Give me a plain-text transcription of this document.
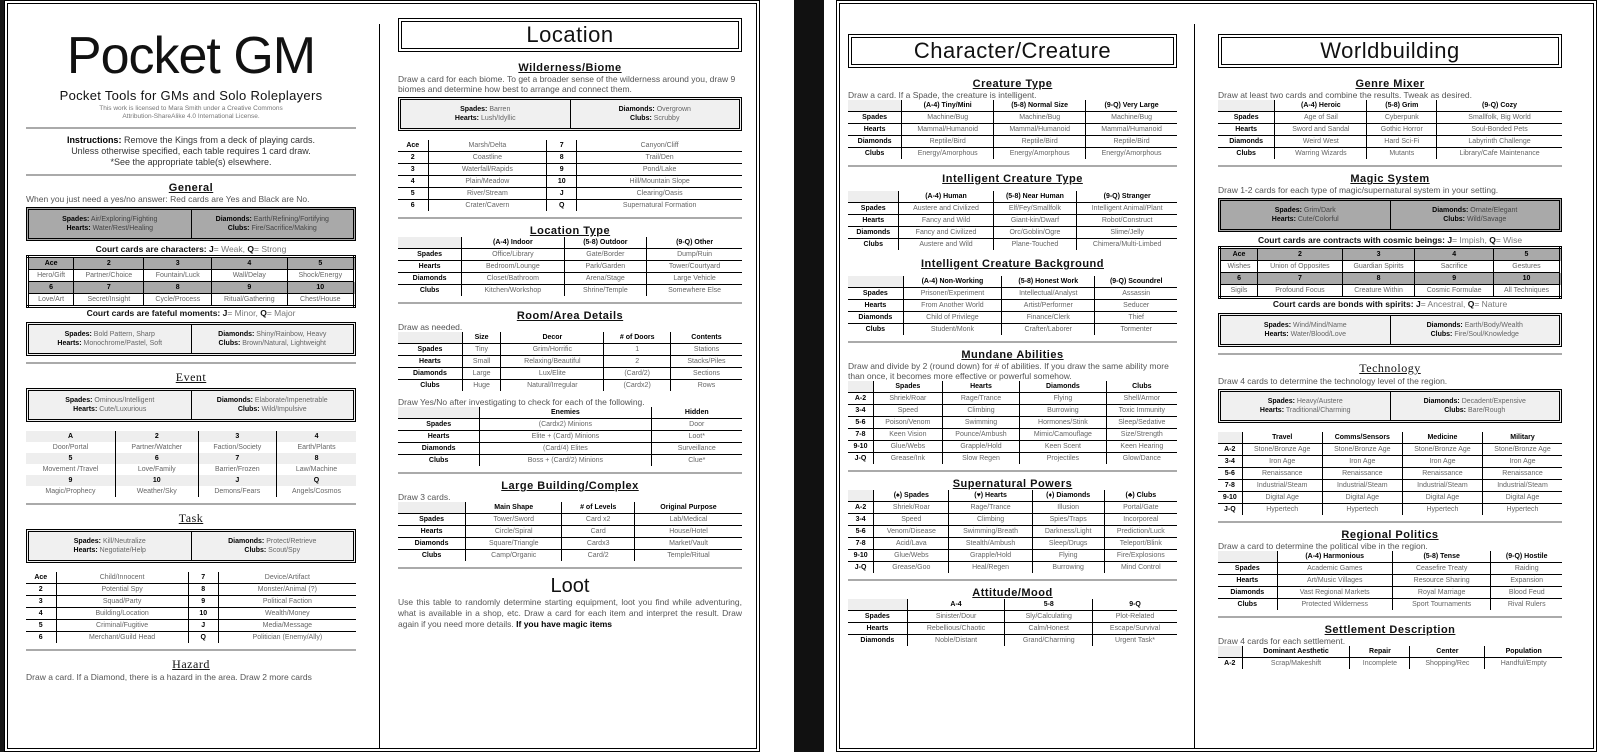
Pocket GM
Pocket Tools for GMs and Solo Roleplayers
This work is licensed to Mara Smith under a Creative Commons
Attribution-ShareAlike 4.0 International License.
Instructions: Remove the Kings from a deck of playing cards.
Unless otherwise specified, each table requires 1 card draw.
*See the appropriate table(s) elsewhere.
General
When you just need a yes/no answer: Red cards are Yes and Black are No.
Spades: Air/Exploring/Fighting
Hearts: Water/Rest/Healing
Diamonds: Earth/Refining/Fortifying
Clubs: Fire/Sacrifice/Making
Court cards are characters: J= Weak, Q= Strong
Ace	2	3	4	5
Hero/Gift	Partner/Choice	Fountain/Luck	Wall/Delay	Shock/Energy
6	7	8	9	10
Love/Art	Secret/Insight	Cycle/Process	Ritual/Gathering	Chest/House
Court cards are fateful moments: J= Minor, Q= Major
Spades: Bold Pattern, Sharp
Hearts: Monochrome/Pastel, Soft
Diamonds: Shiny/Rainbow, Heavy
Clubs: Brown/Natural, Lightweight
Event
Spades: Ominous/Intelligent
Hearts: Cute/Luxurious
Diamonds: Elaborate/Impenetrable
Clubs: Wild/Impulsive
A	2	3	4
Door/Portal	Partner/Watcher	Faction/Society	Earth/Plants
5	6	7	8
Movement /Travel	Love/Family	Barrier/Frozen	Law/Machine
9	10	J	Q
Magic/Prophecy	Weather/Sky	Demons/Fears	Angels/Cosmos
Task
Spades: Kill/Neutralize
Hearts: Negotiate/Help
Diamonds: Protect/Retrieve
Clubs: Scout/Spy
Ace	Child/Innocent	7	Device/Artifact
2	Potential Spy	8	Monster/Animal (?)
3	Squad/Party	9	Political Faction
4	Building/Location	10	Wealth/Money
5	Criminal/Fugitive	J	Media/Message
6	Merchant/Guild Head	Q	Politician (Enemy/Ally)
Hazard
Draw a card. If a Diamond, there is a hazard in the area. Draw 2 more cards
Location
Wilderness/Biome
Draw a card for each biome. To get a broader sense of the wilderness around you, draw 9 biomes and determine how best to arrange and connect them.
Spades: Barren
Hearts: Lush/Idyllic
Diamonds: Overgrown
Clubs: Scrubby
Ace	Marsh/Delta	7	Canyon/Cliff
2	Coastline	8	Trail/Den
3	Waterfall/Rapids	9	Pond/Lake
4	Plain/Meadow	10	Hill/Mountain Slope
5	River/Stream	J	Clearing/Oasis
6	Crater/Cavern	Q	Supernatural Formation
Location Type
	(A-4) Indoor	(5-8) Outdoor	(9-Q) Other
Spades	Office/Library	Gate/Border	Dump/Ruin
Hearts	Bedroom/Lounge	Park/Garden	Tower/Courtyard
Diamonds	Closet/Bathroom	Arena/Stage	Large Vehicle
Clubs	Kitchen/Workshop	Shrine/Temple	Somewhere Else
Room/Area Details
Draw as needed.
	Size	Decor	# of Doors	Contents
Spades	Tiny	Grim/Horrific	1	Stations
Hearts	Small	Relaxing/Beautiful	2	Stacks/Piles
Diamonds	Large	Lux/Elite	(Card/2)	Sections
Clubs	Huge	Natural/Irregular	(Cardx2)	Rows
Draw Yes/No after investigating to check for each of the following.
	Enemies	Hidden
Spades	(Cardx2) Minions	Door
Hearts	Elite + (Card) Minions	Loot*
Diamonds	(Card/4) Elites	Surveillance
Clubs	Boss + (Card/2) Minions	Clue*
Large Building/Complex
Draw 3 cards.
	Main Shape	# of Levels	Original Purpose
Spades	Tower/Sword	Card x2	Lab/Medical
Hearts	Circle/Spiral	Card	House/Hotel
Diamonds	Square/Triangle	Cardx3	Market/Vault
Clubs	Camp/Organic	Card/2	Temple/Ritual
Loot
Use this table to randomly determine starting equipment, loot you find while adventuring, what is available in a shop, etc. Draw a card for each item and interpret the result. Draw again if you need more details. If you have magic items
Character/Creature
Creature Type
Draw a card. If a Spade, the creature is intelligent.
	(A-4) Tiny/Mini	(5-8) Normal Size	(9-Q) Very Large
Spades	Machine/Bug	Machine/Bug	Machine/Bug
Hearts	Mammal/Humanoid	Mammal/Humanoid	Mammal/Humanoid
Diamonds	Reptile/Bird	Reptile/Bird	Reptile/Bird
Clubs	Energy/Amorphous	Energy/Amorphous	Energy/Amorphous
Intelligent Creature Type
	(A-4) Human	(5-8) Near Human	(9-Q) Stranger
Spades	Austere and Civilized	Elf/Fey/Smallfolk	Intelligent Animal/Plant
Hearts	Fancy and Wild	Giant-kin/Dwarf	Robot/Construct
Diamonds	Fancy and Civilized	Orc/Goblin/Ogre	Slime/Jelly
Clubs	Austere and Wild	Plane-Touched	Chimera/Multi-Limbed
Intelligent Creature Background
	(A-4) Non-Working	(5-8) Honest Work	(9-Q) Scoundrel
Spades	Prisoner/Experiment	Intellectual/Analyst	Assassin
Hearts	From Another World	Artist/Performer	Seducer
Diamonds	Child of Privilege	Finance/Clerk	Thief
Clubs	Student/Monk	Crafter/Laborer	Tormenter
Mundane Abilities
Draw and divide by 2 (round down) for # of abilities. If you draw the same ability more than once, it becomes more effective or powerful somehow.
	Spades	Hearts	Diamonds	Clubs
A-2	Shriek/Roar	Rage/Trance	Flying	Shell/Armor
3-4	Speed	Climbing	Burrowing	Toxic Immunity
5-6	Poison/Venom	Swimming	Hormones/Stink	Sleep/Sedative
7-8	Keen Vision	Pounce/Ambush	Mimic/Camouflage	Size/Strength
9-10	Glue/Webs	Grapple/Hold	Keen Scent	Keen Hearing
J-Q	Grease/Ink	Slow Regen	Projectiles	Glow/Dance
Supernatural Powers
	(♠) Spades	(♥) Hearts	(♦) Diamonds	(♣) Clubs
A-2	Shriek/Roar	Rage/Trance	Illusion	Portal/Gate
3-4	Speed	Climbing	Spies/Traps	Incorporeal
5-6	Venom/Disease	Swimming/Breath	Darkness/Light	Prediction/Luck
7-8	Acid/Lava	Stealth/Ambush	Sleep/Drugs	Teleport/Blink
9-10	Glue/Webs	Grapple/Hold	Flying	Fire/Explosions
J-Q	Grease/Goo	Heal/Regen	Burrowing	Mind Control
Attitude/Mood
	A-4	5-8	9-Q
Spades	Sinister/Dour	Sly/Calculating	Plot-Related
Hearts	Rebellious/Chaotic	Calm/Honest	Escape/Survival
Diamonds	Noble/Distant	Grand/Charming	Urgent Task*
Worldbuilding
Genre Mixer
Draw at least two cards and combine the results. Tweak as desired.
	(A-4) Heroic	(5-8) Grim	(9-Q) Cozy
Spades	Age of Sail	Cyberpunk	Smallfolk, Big World
Hearts	Sword and Sandal	Gothic Horror	Soul-Bonded Pets
Diamonds	Weird West	Hard Sci-Fi	Labyrinth Challenge
Clubs	Warring Wizards	Mutants	Library/Cafe Maintenance
Magic System
Draw 1-2 cards for each type of magic/supernatural system in your setting.
Spades: Grim/Dark
Hearts: Cute/Colorful
Diamonds: Ornate/Elegant
Clubs: Wild/Savage
Court cards are contracts with cosmic beings: J= Impish, Q= Wise
Ace	2	3	4	5
Wishes	Union of Opposites	Guardian Spirits	Sacrifice	Gestures
6	7	8	9	10
Sigils	Profound Focus	Creature Within	Cosmic Formulae	All Techniques
Court cards are bonds with spirits: J= Ancestral, Q= Nature
Spades: Wind/Mind/Name
Hearts: Water/Blood/Love
Diamonds: Earth/Body/Wealth
Clubs: Fire/Soul/Knowledge
Technology
Draw 4 cards to determine the technology level of the region.
Spades: Heavy/Austere
Hearts: Traditional/Charming
Diamonds: Decadent/Expensive
Clubs: Bare/Rough
	Travel	Comms/Sensors	Medicine	Military
A-2	Stone/Bronze Age	Stone/Bronze Age	Stone/Bronze Age	Stone/Bronze Age
3-4	Iron Age	Iron Age	Iron Age	Iron Age
5-6	Renaissance	Renaissance	Renaissance	Renaissance
7-8	Industrial/Steam	Industrial/Steam	Industrial/Steam	Industrial/Steam
9-10	Digital Age	Digital Age	Digital Age	Digital Age
J-Q	Hypertech	Hypertech	Hypertech	Hypertech
Regional Politics
Draw a card to determine the political vibe in the region.
	(A-4) Harmonious	(5-8) Tense	(9-Q) Hostile
Spades	Academic Games	Ceasefire Treaty	Raiding
Hearts	Art/Music Villages	Resource Sharing	Expansion
Diamonds	Vast Regional Markets	Royal Marriage	Blood Feud
Clubs	Protected Wilderness	Sport Tournaments	Rival Rulers
Settlement Description
Draw 4 cards for each settlement.
	Dominant Aesthetic	Repair	Center	Population
A-2	Scrap/Makeshift	Incomplete	Shopping/Rec	Handful/Empty
